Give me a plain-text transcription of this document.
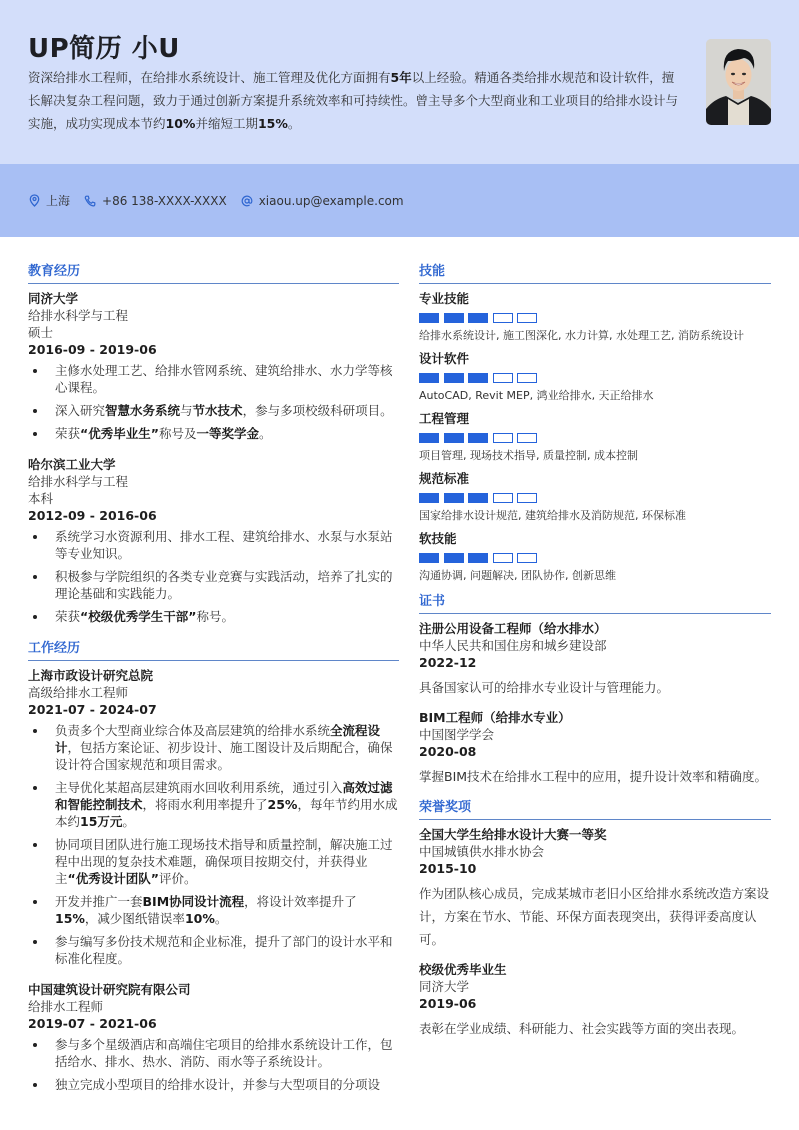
UP简历 小U
资深给排水工程师，在给排水系统设计、施工管理及优化方面拥有5年以上经验。精通各类给排水规范和设计软件，擅长解决复杂工程问题，致力于通过创新方案提升系统效率和可持续性。曾主导多个大型商业和工业项目的给排水设计与实施，成功实现成本节约10%并缩短工期15%。
上海	+86 138-XXXX-XXXX	xiaou.up@example.com
教育经历
同济大学
给排水科学与工程
硕士
2016-09 - 2019-06
主修水处理工艺、给排水管网系统、建筑给排水、水力学等核心课程。
深入研究智慧水务系统与节水技术，参与多项校级科研项目。
荣获“优秀毕业生”称号及一等奖学金。
哈尔滨工业大学
给排水科学与工程
本科
2012-09 - 2016-06
系统学习水资源利用、排水工程、建筑给排水、水泵与水泵站等专业知识。
积极参与学院组织的各类专业竞赛与实践活动，培养了扎实的理论基础和实践能力。
荣获“校级优秀学生干部”称号。
工作经历
上海市政设计研究总院
高级给排水工程师
2021-07 - 2024-07
负责多个大型商业综合体及高层建筑的给排水系统全流程设计，包括方案论证、初步设计、施工图设计及后期配合，确保设计符合国家规范和项目需求。
主导优化某超高层建筑雨水回收利用系统，通过引入高效过滤和智能控制技术，将雨水利用率提升了25%，每年节约用水成本约15万元。
协同项目团队进行施工现场技术指导和质量控制，解决施工过程中出现的复杂技术难题，确保项目按期交付，并获得业主“优秀设计团队”评价。
开发并推广一套BIM协同设计流程，将设计效率提升了15%，减少图纸错误率10%。
参与编写多份技术规范和企业标准，提升了部门的设计水平和标准化程度。
中国建筑设计研究院有限公司
给排水工程师
2019-07 - 2021-06
参与多个星级酒店和高端住宅项目的给排水系统设计工作，包括给水、排水、热水、消防、雨水等子系统设计。
独立完成小型项目的给排水设计，并参与大型项目的分项设
技能
专业技能
给排水系统设计, 施工图深化, 水力计算, 水处理工艺, 消防系统设计
设计软件
AutoCAD, Revit MEP, 鸿业给排水, 天正给排水
工程管理
项目管理, 现场技术指导, 质量控制, 成本控制
规范标准
国家给排水设计规范, 建筑给排水及消防规范, 环保标准
软技能
沟通协调, 问题解决, 团队协作, 创新思维
证书
注册公用设备工程师（给水排水）
中华人民共和国住房和城乡建设部
2022-12
具备国家认可的给排水专业设计与管理能力。
BIM工程师（给排水专业）
中国图学学会
2020-08
掌握BIM技术在给排水工程中的应用，提升设计效率和精确度。
荣誉奖项
全国大学生给排水设计大赛一等奖
中国城镇供水排水协会
2015-10
作为团队核心成员，完成某城市老旧小区给排水系统改造方案设计，方案在节水、节能、环保方面表现突出，获得评委高度认可。
校级优秀毕业生
同济大学
2019-06
表彰在学业成绩、科研能力、社会实践等方面的突出表现。
